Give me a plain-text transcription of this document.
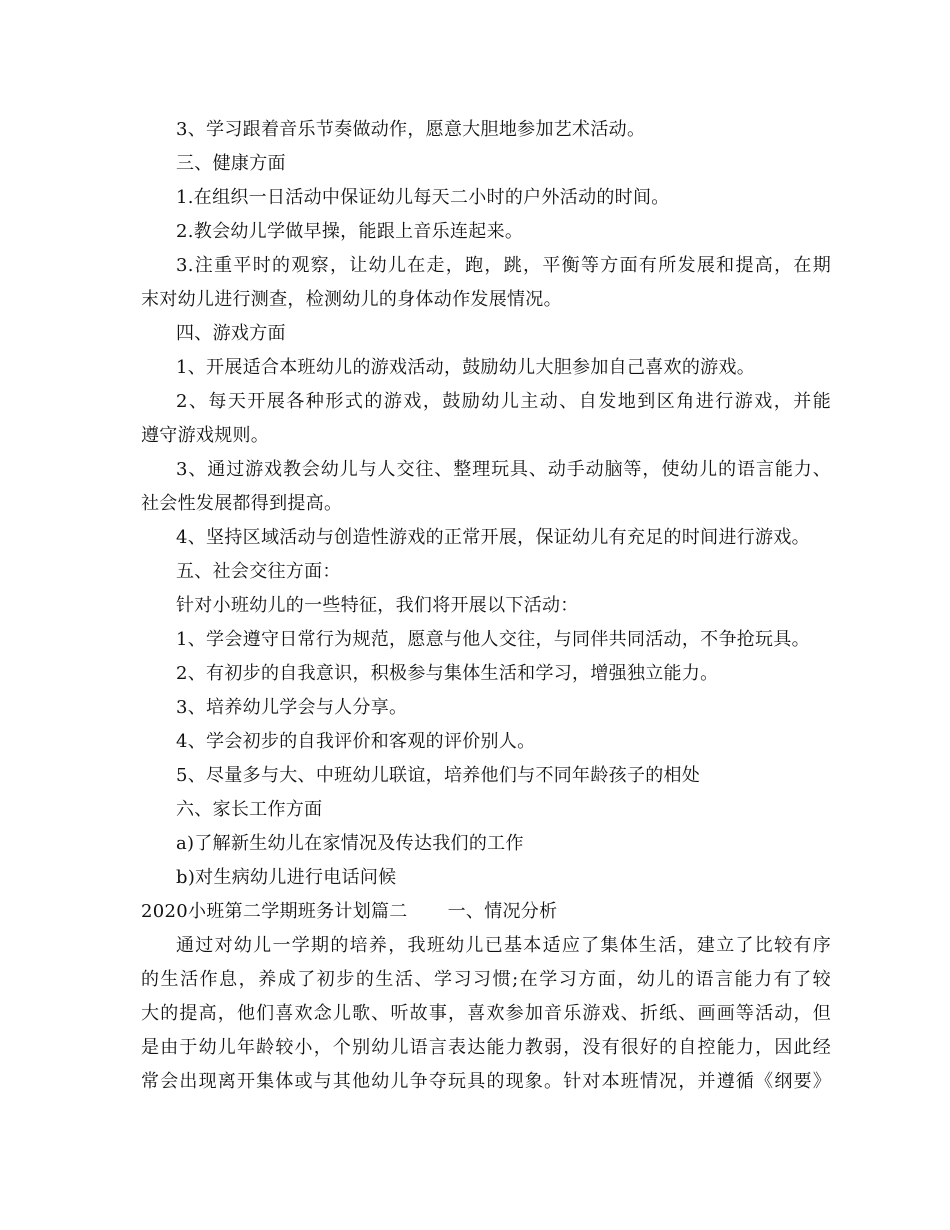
3、学习跟着音乐节奏做动作，愿意大胆地参加艺术活动。
三、健康方面
1.在组织一日活动中保证幼儿每天二小时的户外活动的时间。
2.教会幼儿学做早操，能跟上音乐连起来。
3.注重平时的观察，让幼儿在走，跑，跳，平衡等方面有所发展和提高，在期
末对幼儿进行测查，检测幼儿的身体动作发展情况。
四、游戏方面
1、开展适合本班幼儿的游戏活动，鼓励幼儿大胆参加自己喜欢的游戏。
2、每天开展各种形式的游戏，鼓励幼儿主动、自发地到区角进行游戏，并能
遵守游戏规则。
3、通过游戏教会幼儿与人交往、整理玩具、动手动脑等，使幼儿的语言能力、
社会性发展都得到提高。
4、坚持区域活动与创造性游戏的正常开展，保证幼儿有充足的时间进行游戏。
五、社会交往方面：
针对小班幼儿的一些特征，我们将开展以下活动：
1、学会遵守日常行为规范，愿意与他人交往，与同伴共同活动，不争抢玩具。
2、有初步的自我意识，积极参与集体生活和学习，增强独立能力。
3、培养幼儿学会与人分享。
4、学会初步的自我评价和客观的评价别人。
5、尽量多与大、中班幼儿联谊，培养他们与不同年龄孩子的相处
六、家长工作方面
a)了解新生幼儿在家情况及传达我们的工作
b)对生病幼儿进行电话问候
2020小班第二学期班务计划篇二 一、情况分析
通过对幼儿一学期的培养，我班幼儿已基本适应了集体生活，建立了比较有序
的生活作息，养成了初步的生活、学习习惯;在学习方面，幼儿的语言能力有了较
大的提高，他们喜欢念儿歌、听故事，喜欢参加音乐游戏、折纸、画画等活动，但
是由于幼儿年龄较小，个别幼儿语言表达能力教弱，没有很好的自控能力，因此经
常会出现离开集体或与其他幼儿争夺玩具的现象。针对本班情况，并遵循《纲要》
